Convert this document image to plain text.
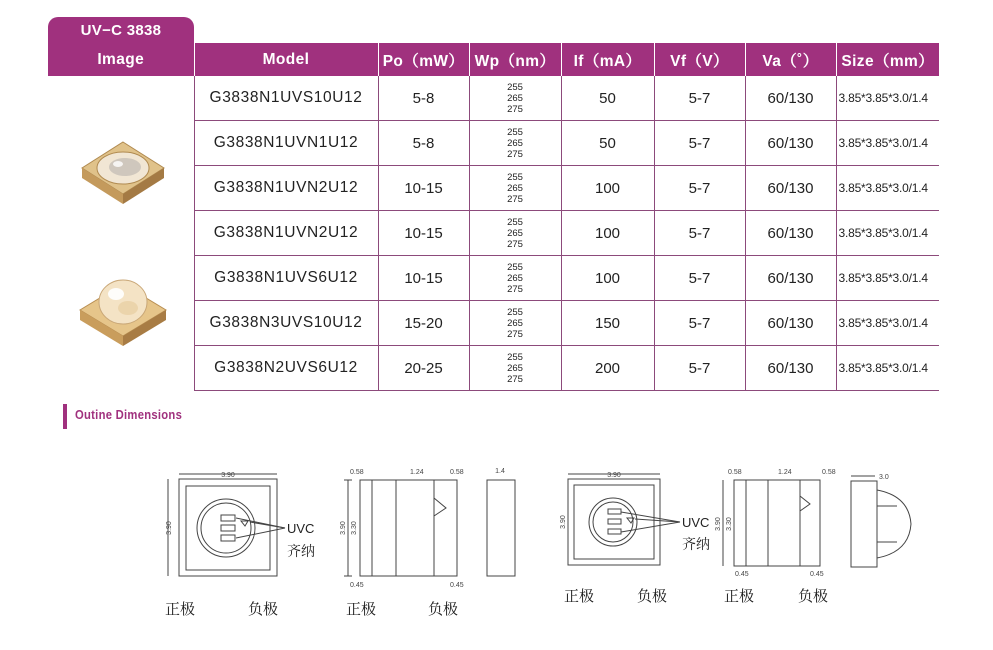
UV−C 3838
Image	Model	Po（mW）	Wp（nm）	If（mA）	Vf（V）	Va（˚）	Size（mm）

	G3838N1UVS10U12	5-8	255
265
275	50	5-7	60/130	3.85*3.85*3.0/1.4
	G3838N1UVN1U12	5-8	255
265
275	50	5-7	60/130	3.85*3.85*3.0/1.4
	G3838N1UVN2U12	10-15	255
265
275	100	5-7	60/130	3.85*3.85*3.0/1.4
	G3838N1UVN2U12	10-15	255
265
275	100	5-7	60/130	3.85*3.85*3.0/1.4
	G3838N1UVS6U12	10-15	255
265
275	100	5-7	60/130	3.85*3.85*3.0/1.4
	G3838N3UVS10U12	15-20	255
265
275	150	5-7	60/130	3.85*3.85*3.0/1.4
	G3838N2UVS6U12	20-25	255
265
275	200	5-7	60/130	3.85*3.85*3.0/1.4
Outine Dimensions
3.90
3.90	UVC
齐纳
3.90 3.30
0.58	1.24	0.58
0.45	0.45
1.4
3.90
3.90	UVC
齐纳
3.90 3.30
0.58	1.24	0.58
0.45	0.45
3.0
正极	负极	正极	负极
正极	负极	正极	负极
